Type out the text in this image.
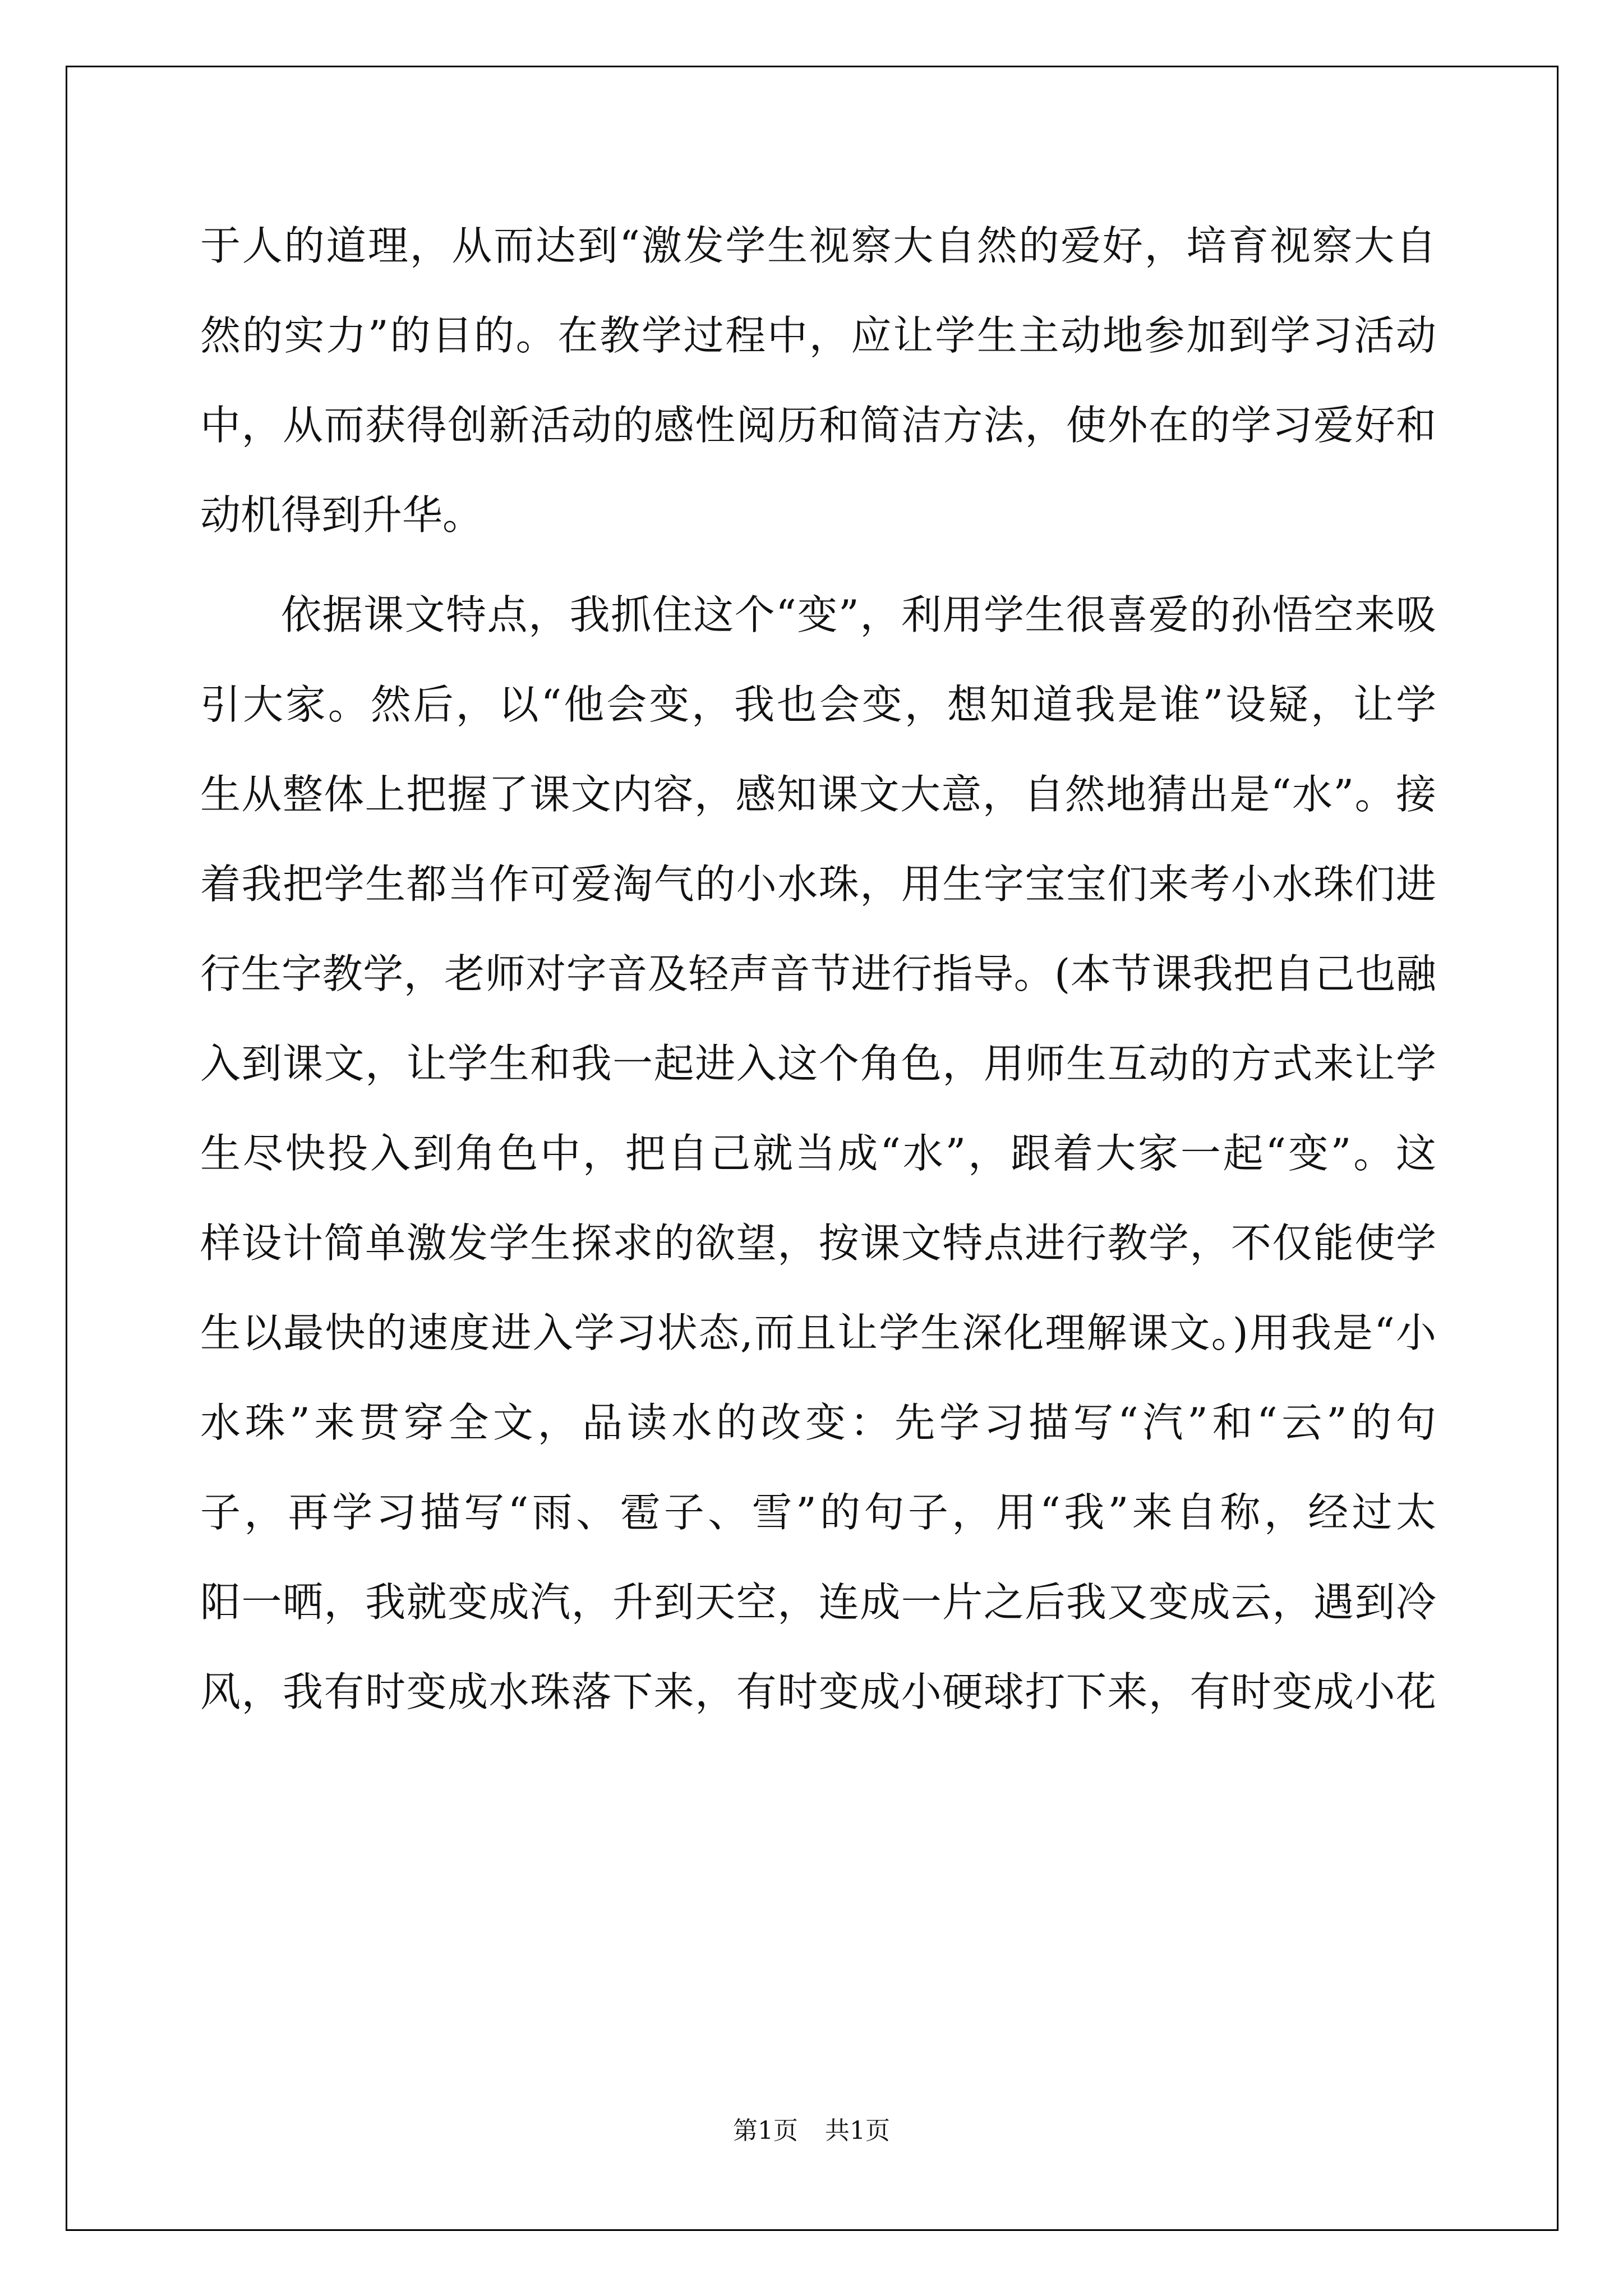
于人的道理，从而达到“激发学生视察大自然的爱好，培育视察大自
然的实力”的目的。在教学过程中，应让学生主动地参加到学习活动
中，从而获得创新活动的感性阅历和简洁方法，使外在的学习爱好和
动机得到升华。
依据课文特点，我抓住这个“变”，利用学生很喜爱的孙悟空来吸
引大家。然后，以“他会变，我也会变，想知道我是谁”设疑，让学
生从整体上把握了课文内容，感知课文大意，自然地猜出是“水”。接
着我把学生都当作可爱淘气的小水珠，用生字宝宝们来考小水珠们进
行生字教学，老师对字音及轻声音节进行指导。(本节课我把自己也融
入到课文，让学生和我一起进入这个角色，用师生互动的方式来让学
生尽快投入到角色中，把自己就当成“水”，跟着大家一起“变”。这
样设计简单激发学生探求的欲望，按课文特点进行教学，不仅能使学
生以最快的速度进入学习状态,而且让学生深化理解课文。)用我是“小
水珠”来贯穿全文，品读水的改变：先学习描写“汽”和“云”的句
子，再学习描写“雨、雹子、雪”的句子，用“我”来自称，经过太
阳一晒，我就变成汽，升到天空，连成一片之后我又变成云，遇到冷
风，我有时变成水珠落下来，有时变成小硬球打下来，有时变成小花
第1页 共1页
